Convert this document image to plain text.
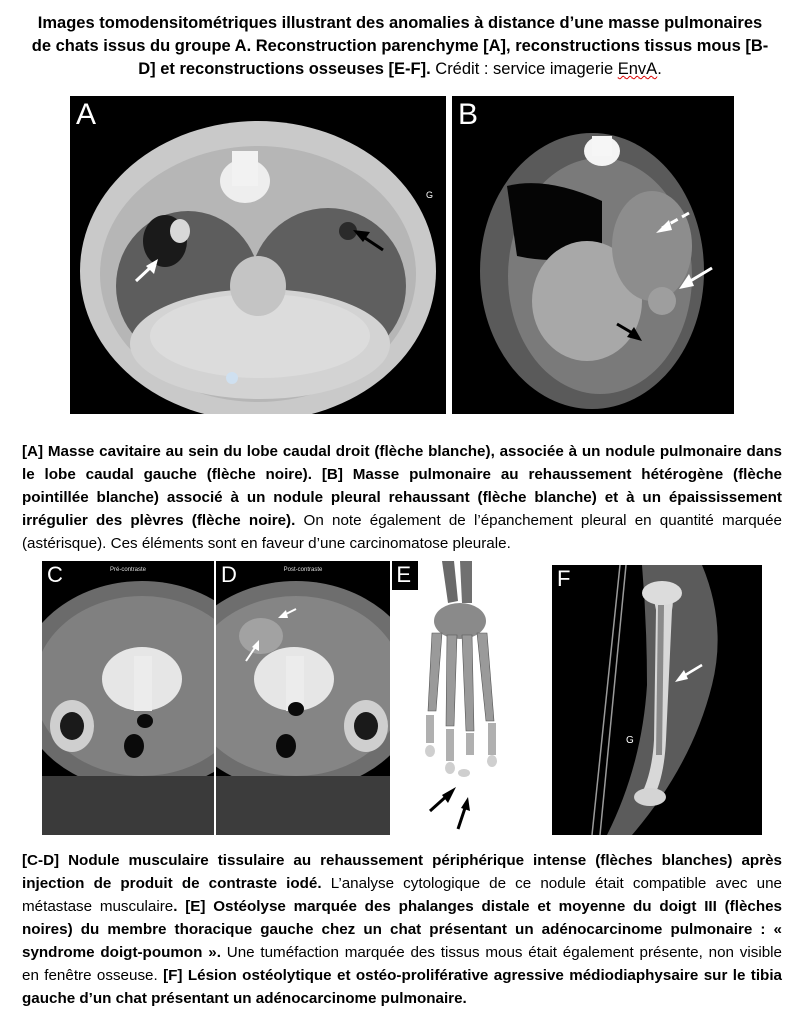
Images tomodensitométriques illustrant des anomalies à distance d’une masse pulmonaires de chats issus du groupe A. Reconstruction parenchyme [A], reconstructions tissus mous [B-D] et reconstructions osseuses [E-F]. Crédit : service imagerie EnvA.
A
G
B
[A] Masse cavitaire au sein du lobe caudal droit (flèche blanche), associée à un nodule pulmonaire dans le lobe caudal gauche (flèche noire). [B] Masse pulmonaire au rehaussement hétérogène (flèche pointillée blanche) associé à un nodule pleural rehaussant (flèche blanche) et à un épaississement irrégulier des plèvres (flèche noire). On note également de l’épanchement pleural en quantité marquée (astérisque). Ces éléments sont en faveur d’une carcinomatose pleurale.
C	Pré-contraste	D	Post-contraste	E	F
G
[C-D] Nodule musculaire tissulaire au rehaussement périphérique intense (flèches blanches) après injection de produit de contraste iodé. L’analyse cytologique de ce nodule était compatible avec une métastase musculaire. [E] Ostéolyse marquée des phalanges distale et moyenne du doigt III (flèches noires) du membre thoracique gauche chez un chat présentant un adénocarcinome pulmonaire : « syndrome doigt-poumon ». Une tuméfaction marquée des tissus mous était également présente, non visible en fenêtre osseuse. [F] Lésion ostéolytique et ostéo-proliférative agressive médiodiaphysaire sur le tibia gauche d’un chat présentant un adénocarcinome pulmonaire.
